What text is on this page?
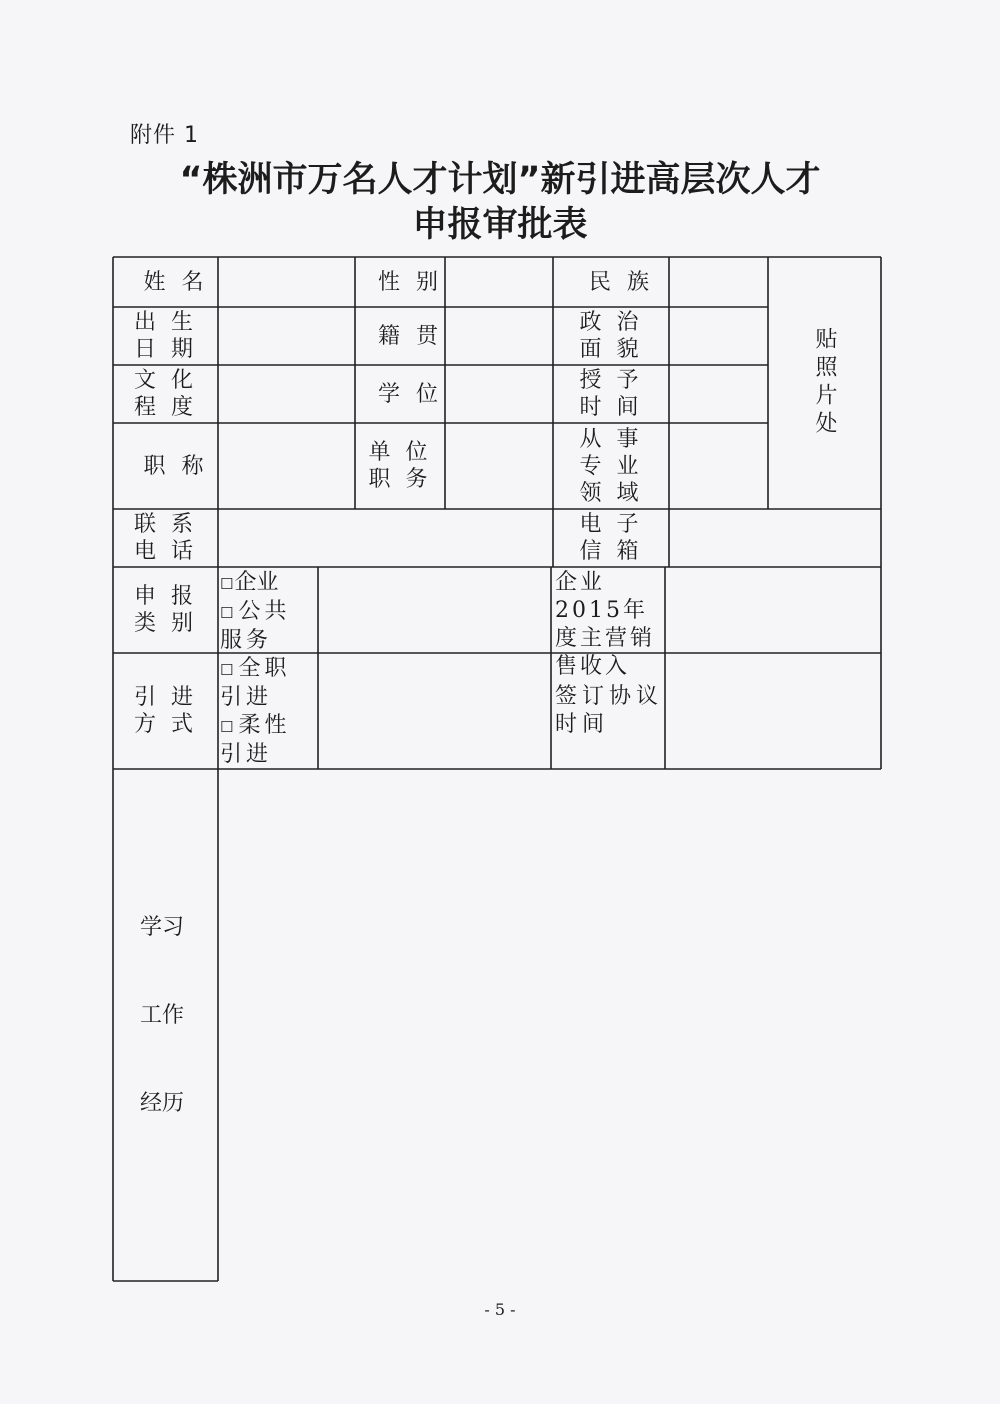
附件 1
“株洲市万名人才计划”新引进高层次人才
申报审批表
姓名	性别	民族
出 生
日 期
籍贯
政 治
面 貌
文 化
程 度
学位
授 予
时 间
职称
单 位
职 务
从 事
专 业
领 域
贴照片处
联 系
电 话
电 子
信 箱
申 报
类 别
☐企业
☐公共服务
企业2015年度主营销售收入
引 进
方 式
☐全职引进
☐柔性引进
签订协议时间
学习
工作
经历
- 5 -
